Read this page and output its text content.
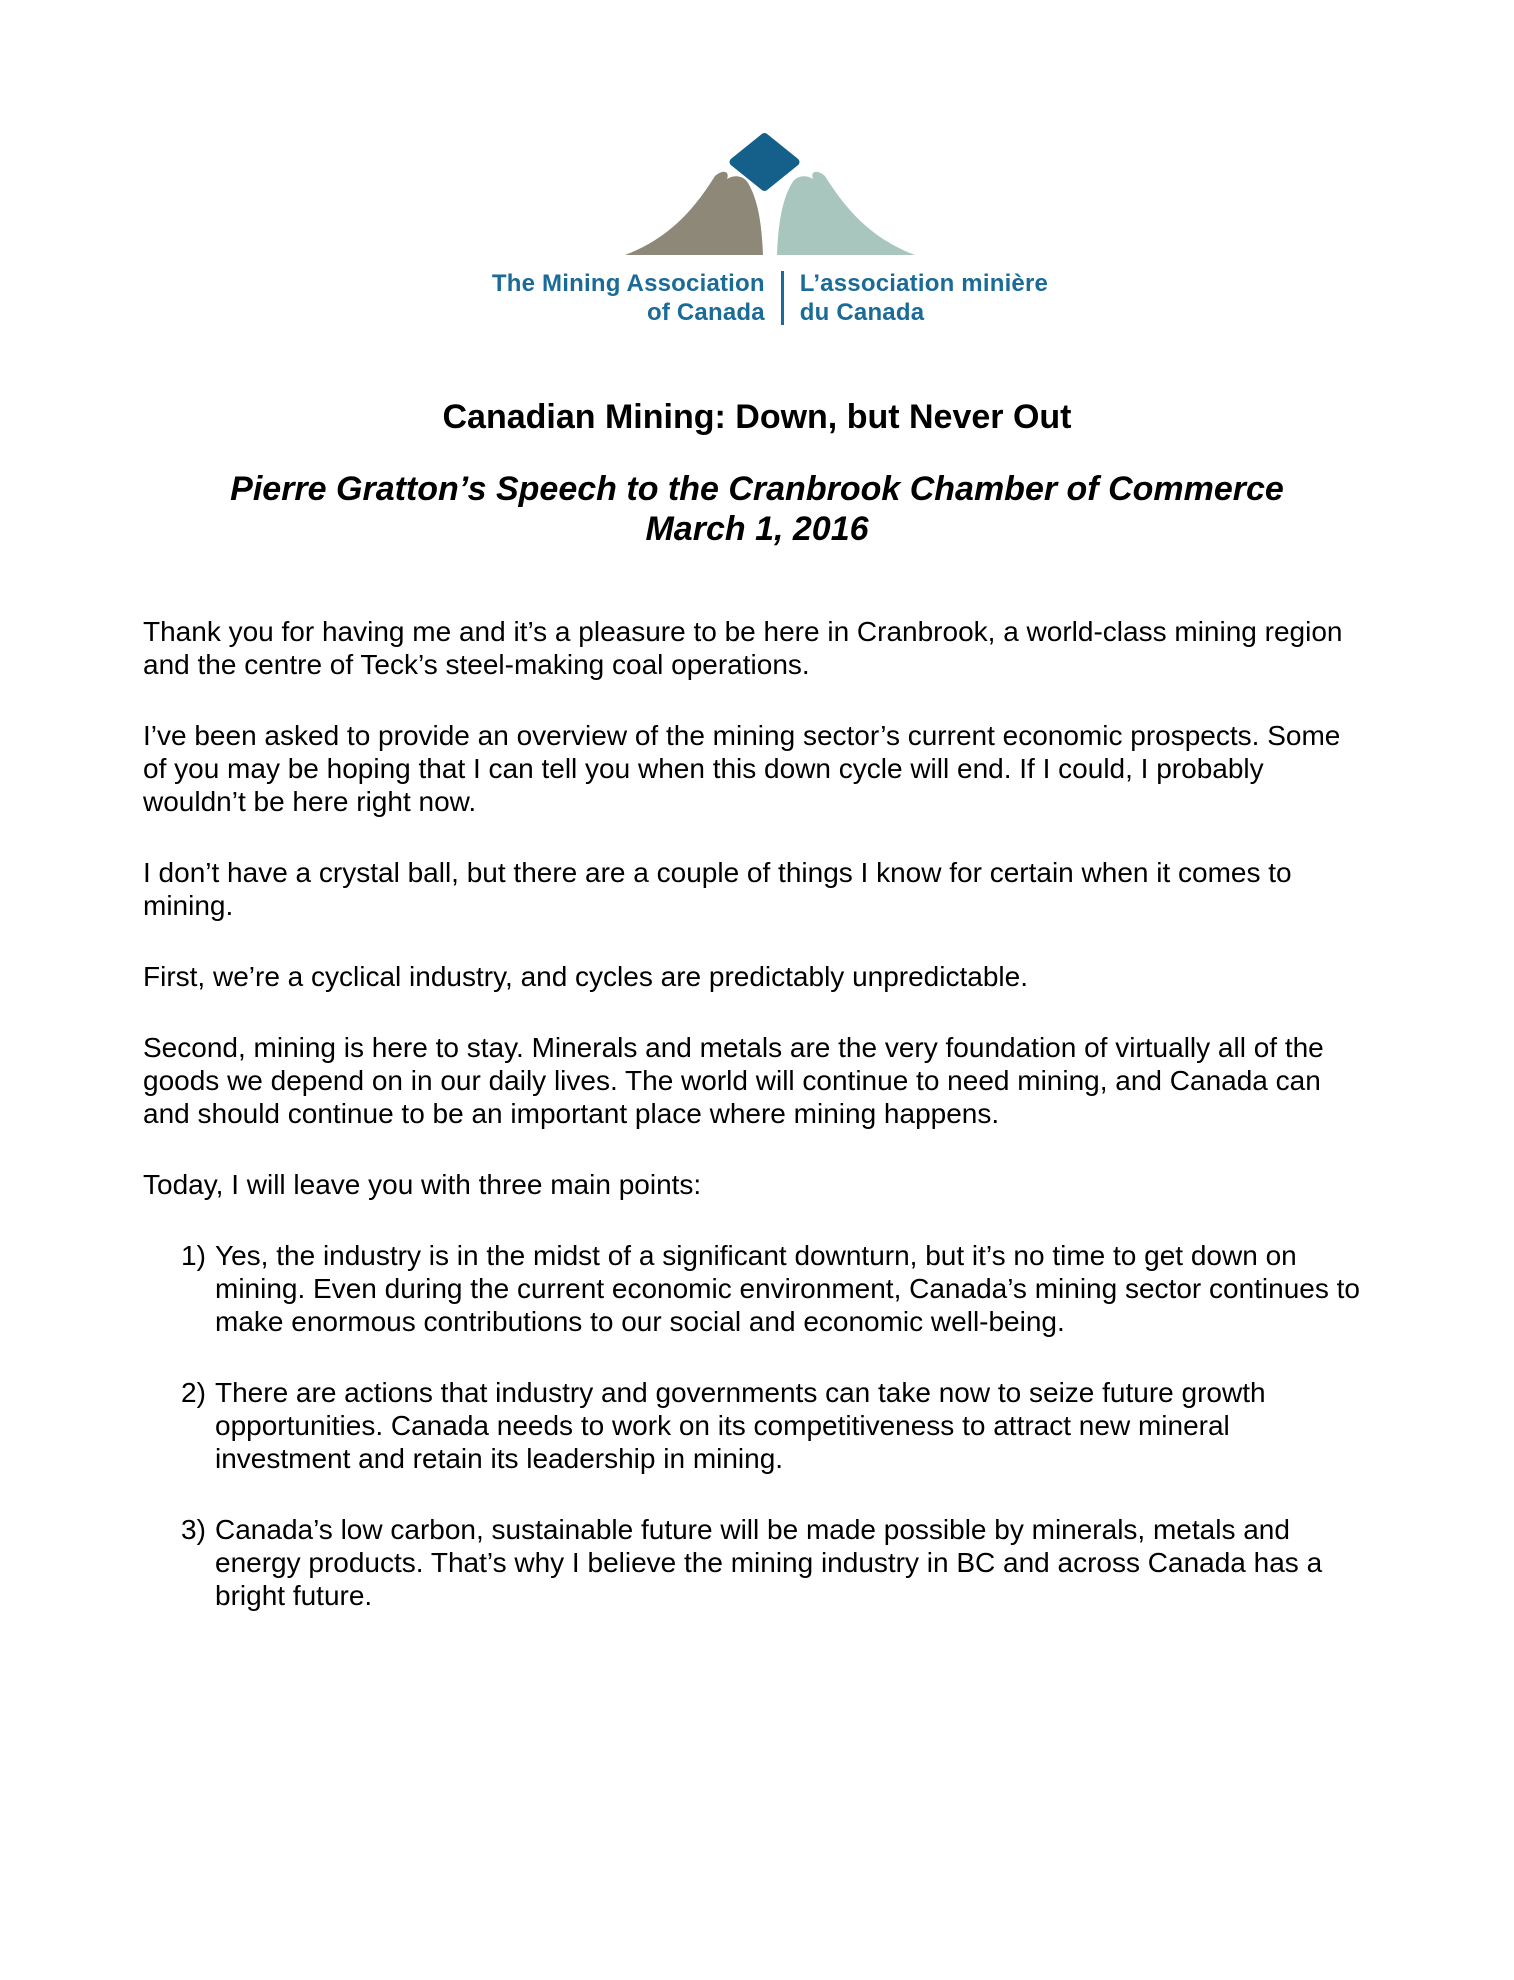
The Mining Association
of Canada
L’association minière
du Canada
Canadian Mining: Down, but Never Out
Pierre Gratton’s Speech to the Cranbrook Chamber of Commerce
March 1, 2016

Thank you for having me and it’s a pleasure to be here in Cranbrook, a world-class mining region and the centre of Teck’s steel-making coal operations.

I’ve been asked to provide an overview of the mining sector’s current economic prospects. Some of you may be hoping that I can tell you when this down cycle will end. If I could, I probably wouldn’t be here right now.

I don’t have a crystal ball, but there are a couple of things I know for certain when it comes to mining.

First, we’re a cyclical industry, and cycles are predictably unpredictable.

Second, mining is here to stay. Minerals and metals are the very foundation of virtually all of the goods we depend on in our daily lives. The world will continue to need mining, and Canada can and should continue to be an important place where mining happens.

Today, I will leave you with three main points:

1) Yes, the industry is in the midst of a significant downturn, but it’s no time to get down on mining. Even during the current economic environment, Canada’s mining sector continues to make enormous contributions to our social and economic well-being.
2) There are actions that industry and governments can take now to seize future growth opportunities. Canada needs to work on its competitiveness to attract new mineral investment and retain its leadership in mining.
3) Canada’s low carbon, sustainable future will be made possible by minerals, metals and energy products. That’s why I believe the mining industry in BC and across Canada has a bright future.
